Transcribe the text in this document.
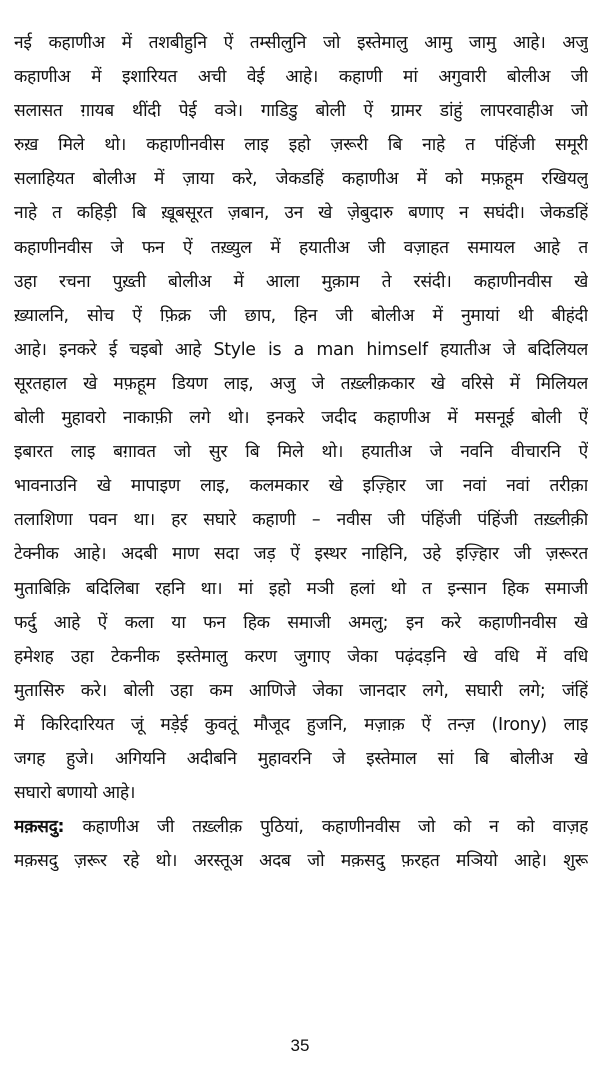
नई कहाणीअ में तशबीहुनि ऐं तम्सीलुनि जो इस्तेमालु आमु जामु आहे। अजु
कहाणीअ में इशारियत अची वेई आहे। कहाणी मां अगुवारी बोलीअ जी
सलासत ग़ायब थींदी पेई वञे। गाडिडु बोली ऐं ग्रामर डांहुं लापरवाहीअ जो
रुख़ मिले थो। कहाणीनवीस लाइ इहो ज़रूरी बि नाहे त पंहिंजी समूरी
सलाहियत बोलीअ में ज़ाया करे, जेकडहिं कहाणीअ में को मफ़हूम रखियलु
नाहे त कहिड़ी बि ख़ूबसूरत ज़बान, उन खे ज़ेबुदारु बणाए न सघंदी। जेकडहिं
कहाणीनवीस जे फन ऐं तख़्युल में हयातीअ जी वज़ाहत समायल आहे त
उहा रचना पुख़्ती बोलीअ में आला मुक़ाम ते रसंदी। कहाणीनवीस खे
ख़्यालनि, सोच ऐं फ़िक्र जी छाप, हिन जी बोलीअ में नुमायां थी बीहंदी
आहे। इनकरे ई चइबो आहे Style is a man himself हयातीअ जे बदिलियल
सूरतहाल खे मफ़हूम डियण लाइ, अजु जे तख़्लीक़कार खे वरिसे में मिलियल
बोली मुहावरो नाकाफ़ी लगे थो। इनकरे जदीद कहाणीअ में मसनूई बोली ऐं
इबारत लाइ बग़ावत जो सुर बि मिले थो। हयातीअ जे नवनि वीचारनि ऐं
भावनाउनि खे मापाइण लाइ, कलमकार खे इज़्हिार जा नवां नवां तरीक़ा
तलाशिणा पवन था। हर सघारे कहाणी – नवीस जी पंहिंजी पंहिंजी तख़्लीक़ी
टेक्नीक आहे। अदबी माण सदा जड़ ऐं इस्थर नाहिनि, उहे इज़्हिार जी ज़रूरत
मुताबिक़ि बदिलिबा रहनि था। मां इहो मञी हलां थो त इन्सान हिक समाजी
फर्दु आहे ऐं कला या फन हिक समाजी अमलु; इन करे कहाणीनवीस खे
हमेशह उहा टेकनीक इस्तेमालु करण जुगाए जेका पढ़ंदड़नि खे वधि में वधि
मुतासिरु करे। बोली उहा कम आणिजे जेका जानदार लगे, सघारी लगे; जंहिं
में किरिदारियत जूं मड़ेई कुवतूं मौजूद हुजनि, मज़ाक़ ऐं तन्ज़ (Irony) लाइ
जगह हुजे। अगियनि अदीबनि मुहावरनि जे इस्तेमाल सां बि बोलीअ खे
सघारो बणायो आहे।
मक़सदु: कहाणीअ जी तख़्लीक़ पुठियां, कहाणीनवीस जो को न को वाज़ह
मक़सदु ज़रूर रहे थो। अरस्तूअ अदब जो मक़सदु फ़रहत मञियो आहे। शुरू
35
